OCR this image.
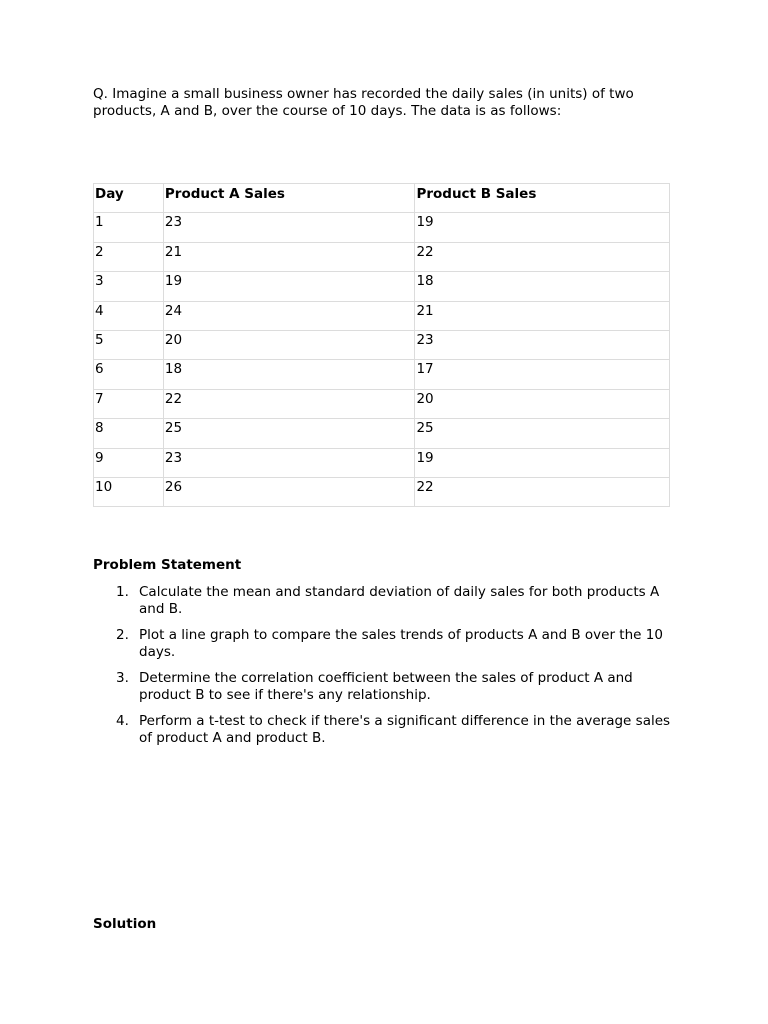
Q. Imagine a small business owner has recorded the daily sales (in units) of two products, A and B, over the course of 10 days. The data is as follows:

Day	Product A Sales	Product B Sales
1	23	19
2	21	22
3	19	18
4	24	21
5	20	23
6	18	17
7	22	20
8	25	25
9	23	19
10	26	22
Problem Statement
1. Calculate the mean and standard deviation of daily sales for both products A and B.
2. Plot a line graph to compare the sales trends of products A and B over the 10 days.
3. Determine the correlation coefficient between the sales of product A and product B to see if there's any relationship.
4. Perform a t-test to check if there's a significant difference in the average sales of product A and product B.
Solution
